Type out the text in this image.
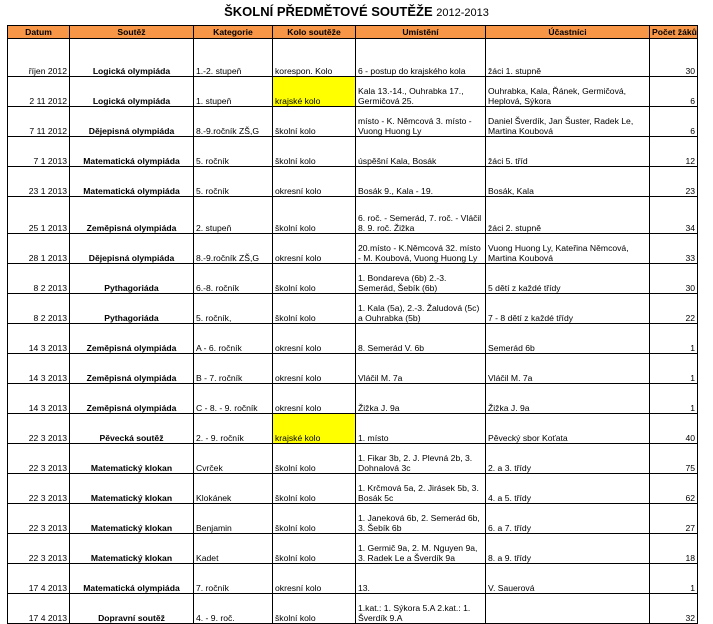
ŠKOLNÍ PŘEDMĚTOVÉ SOUTĚŽE 2012-2013
Datum	Soutěž	Kategorie	Kolo soutěže	Umístění	Účastníci	Počet žáků
říjen 2012	Logická olympiáda	1.-2. stupeň	korespon. Kolo	6 - postup do krajského kola	žáci 1. stupně	30
2 11 2012	Logická olympiáda	1. stupeň	krajské kolo	Kala 13.-14., Ouhrabka 17., Germičová 25.	Ouhrabka, Kala, Řánek, Germičová, Heplová, Sýkora	6
7 11 2012	Dějepisná olympiáda	8.-9.ročník ZŠ,G	školní kolo	místo - K. Němcová 3. místo - Vuong Huong Ly	Daniel Šverdík, Jan Šuster, Radek Le, Martina Koubová	6
7 1 2013	Matematická olympiáda	5. ročník	školní kolo	úspěšní Kala, Bosák	žáci 5. tříd	12
23 1 2013	Matematická olympiáda	5. ročník	okresní kolo	Bosák 9., Kala - 19.	Bosák, Kala	23
25 1 2013	Zeměpisná olympiáda	2. stupeň	školní kolo	6. roč. - Semerád, 7. roč. - Vláčil 8. 9. roč. Žižka	žáci 2. stupně	34
28 1 2013	Dějepisná olympiáda	8.-9.ročník ZŠ,G	okresní kolo	20.místo - K.Němcová 32. místo - M. Koubová, Vuong Huong Ly	Vuong Huong Ly, Kateřina Němcová, Martina Koubová	33
8 2 2013	Pythagoriáda	6.-8. ročník	školní kolo	1. Bondareva (6b) 2.-3. Semerád, Šebík (6b)	5 dětí z každé třídy	30
8 2 2013	Pythagoriáda	5. ročník,	školní kolo	1. Kala (5a), 2.-3. Žaludová (5c) a Ouhrabka (5b)	7 - 8 dětí z každé třídy	22
14 3 2013	Zeměpisná olympiáda	A - 6. ročník	okresní kolo	8. Semerád V. 6b	Semerád 6b	1
14 3 2013	Zeměpisná olympiáda	B - 7. ročník	okresní kolo	Vláčil M. 7a	Vláčil M. 7a	1
14 3 2013	Zeměpisná olympiáda	C - 8. - 9. ročník	okresní kolo	Žižka J. 9a	Žižka J. 9a	1
22 3 2013	Pěvecká soutěž	2. - 9. ročník	krajské kolo	1. místo	Pěvecký sbor Koťata	40
22 3 2013	Matematický klokan	Cvrček	školní kolo	1. Fikar 3b, 2. J. Plevná 2b, 3. Dohnalová 3c	2. a 3. třídy	75
22 3 2013	Matematický klokan	Klokánek	školní kolo	1. Krčmová 5a, 2. Jirásek 5b, 3. Bosák 5c	4. a 5. třídy	62
22 3 2013	Matematický klokan	Benjamin	školní kolo	1. Janeková 6b, 2. Semerád 6b, 3. Šebík 6b	6. a 7. třídy	27
22 3 2013	Matematický klokan	Kadet	školní kolo	1. Germič 9a, 2. M. Nguyen 9a, 3. Radek Le a Šverdík 9a	8. a 9. třídy	18
17 4 2013	Matematická olympiáda	7. ročník	okresní kolo	13.	V. Sauerová	1
17 4 2013	Dopravní soutěž	4. - 9. roč.	školní kolo	1.kat.: 1. Sýkora 5.A 2.kat.: 1. Šverdík 9.A		32
